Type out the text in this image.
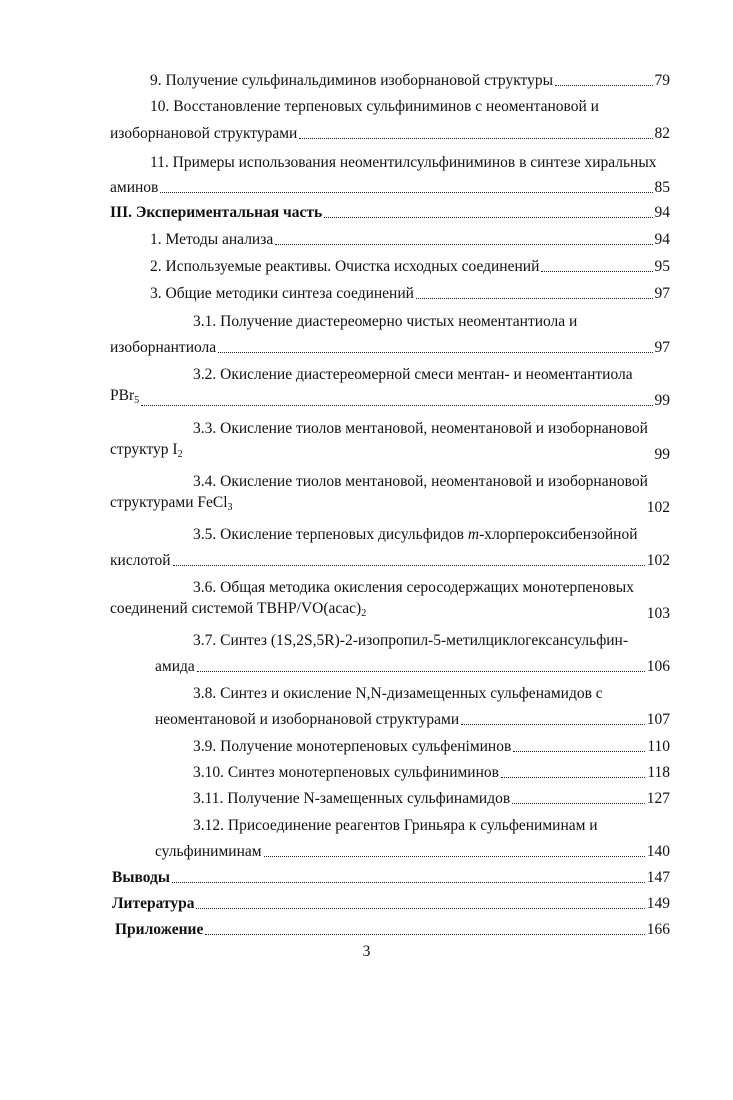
9. Получение сульфинальдиминов изоборнановой структуры	79
10. Восстановление терпеновых сульфиниминов с неоментановой и
изоборнановой структурами	82
11. Примеры использования неоментилсульфиниминов в синтезе хиральных
аминов	85
III. Экспериментальная часть	94
1. Методы анализа	94
2. Используемые реактивы. Очистка исходных соединений	95
3. Общие методики синтеза соединений	97
3.1. Получение диастереомерно чистых неоментантиола и
изоборнантиола	97
3.2. Окисление диастереомерной смеси ментан- и неоментантиола
PBr$_5$	99
3.3. Окисление тиолов ментановой, неоментановой и изоборнановой
структур $I_2$	99
3.4. Окисление тиолов ментановой, неоментановой и изоборнановой
структурами FeCl$_3$	102
3.5. Окисление терпеновых дисульфидов m-хлорпероксибензойной
кислотой	102
3.6. Общая методика окисления серосодержащих монотерпеновых
соединений системой TBHP/$VO(acac)_2$	103
3.7. Синтез (1S,2S,5R)-2-изопропил-5-метилциклогексансульфин-
амида	106
3.8. Синтез и окисление N,N-дизамещенных сульфенамидов с
неоментановой и изоборнановой структурами	107
3.9. Получение монотерпеновых сульфенiминов	110
3.10. Синтез монотерпеновых сульфиниминов	118
3.11. Получение N-замещенных сульфинамидов	127
3.12. Присоединение реагентов Гриньяра к сульфениминам и
сульфиниминам	140
Выводы	147
Литература	149
Приложение	166
3
